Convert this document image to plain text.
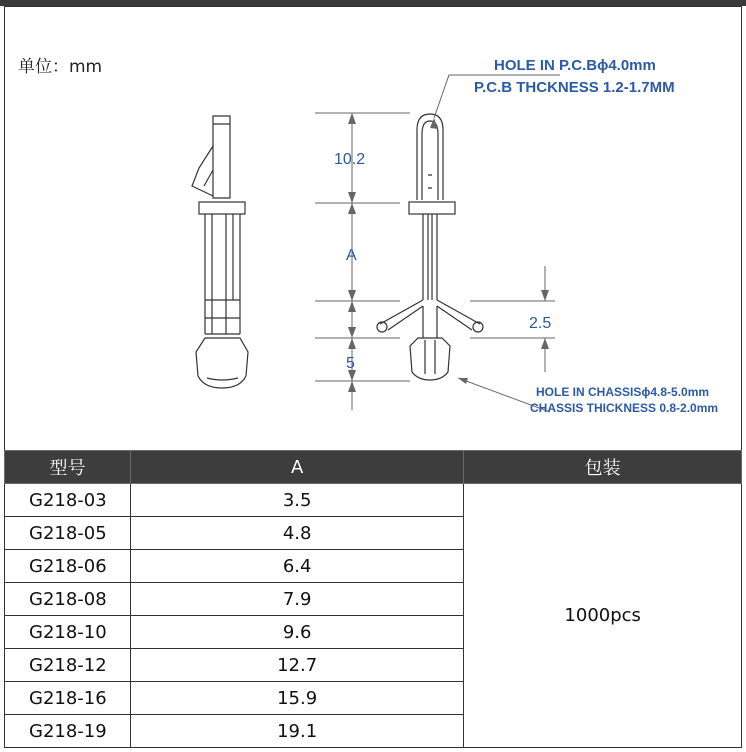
单位：mm
10.2
A
5
2.5
HOLE IN P.C.Bϕ4.0mm
P.C.B THCKNESS 1.2-1.7MM
HOLE IN CHASSISϕ4.8-5.0mm
CHASSIS THICKNESS 0.8-2.0mm
型号	A	包装
G218-03	3.5	1000pcs
G218-05	4.8	
G218-06	6.4	
G218-08	7.9	
G218-10	9.6	
G218-12	12.7	
G218-16	15.9	
G218-19	19.1	
